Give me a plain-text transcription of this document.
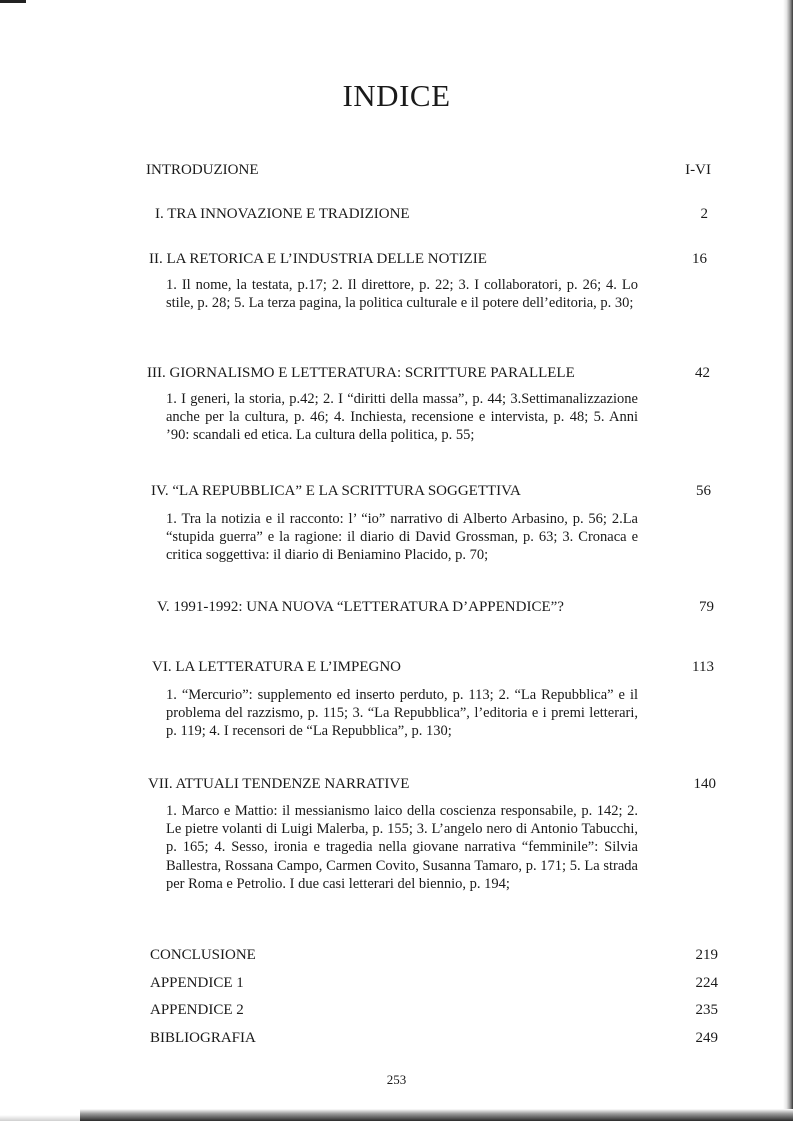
INDICE
INTRODUZIONE	I-VI
I. TRA INNOVAZIONE E TRADIZIONE	2
II. LA RETORICA E L’INDUSTRIA DELLE NOTIZIE	16
1. Il nome, la testata, p.17; 2. Il direttore, p. 22; 3. I collaboratori, p. 26; 4. Lo stile, p. 28; 5. La terza pagina, la politica culturale e il potere dell’editoria, p. 30;
III. GIORNALISMO E LETTERATURA: SCRITTURE PARALLELE	42
1. I generi, la storia, p.42; 2. I “diritti della massa”, p. 44; 3.Settimanalizzazione anche per la cultura, p. 46; 4. Inchiesta, recensione e intervista, p. 48; 5. Anni ’90: scandali ed etica. La cultura della politica, p. 55;
IV. “LA REPUBBLICA” E LA SCRITTURA SOGGETTIVA	56
1. Tra la notizia e il racconto: l’ “io” narrativo di Alberto Arbasino, p. 56; 2.La “stupida guerra” e la ragione: il diario di David Grossman, p. 63; 3. Cronaca e critica soggettiva: il diario di Beniamino Placido, p. 70;
V. 1991-1992: UNA NUOVA “LETTERATURA D’APPENDICE”?	79
VI. LA LETTERATURA E L’IMPEGNO	113
1. “Mercurio”: supplemento ed inserto perduto, p. 113; 2. “La Repubblica” e il problema del razzismo, p. 115; 3. “La Repubblica”, l’editoria e i premi letterari, p. 119; 4. I recensori de “La Repubblica”, p. 130;
VII. ATTUALI TENDENZE NARRATIVE	140
1. Marco e Mattio: il messianismo laico della coscienza responsabile, p. 142; 2. Le pietre volanti di Luigi Malerba, p. 155; 3. L’angelo nero di Antonio Tabucchi, p. 165; 4. Sesso, ironia e tragedia nella giovane narrativa “femminile”: Silvia Ballestra, Rossana Campo, Carmen Covito, Susanna Tamaro, p. 171; 5. La strada per Roma e Petrolio. I due casi letterari del biennio, p. 194;
CONCLUSIONE	219
APPENDICE 1	224
APPENDICE 2	235
BIBLIOGRAFIA	249
253
